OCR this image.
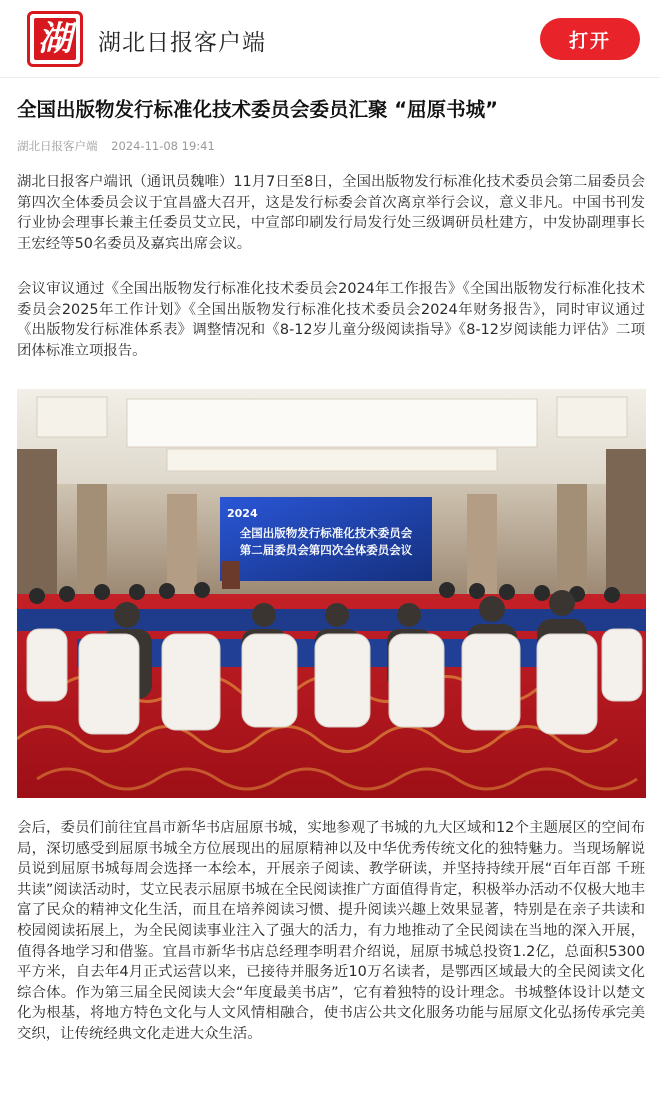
湖 湖北日报客户端	打开
全国出版物发行标准化技术委员会委员汇聚 “屈原书城”
湖北日报客户端 2024-11-08 19:41

湖北日报客户端讯（通讯员魏唯）11月7日至8日，全国出版物发行标准化技术委员会第二届委员会第四次全体委员会议于宜昌盛大召开，这是发行标委会首次离京举行会议，意义非凡。中国书刊发行业协会理事长兼主任委员艾立民，中宣部印刷发行局发行处三级调研员杜建方，中发协副理事长王宏经等50名委员及嘉宾出席会议。

会议审议通过《全国出版物发行标准化技术委员会2024年工作报告》《全国出版物发行标准化技术委员会2025年工作计划》《全国出版物发行标准化技术委员会2024年财务报告》，同时审议通过《出版物发行标准体系表》调整情况和《8-12岁儿童分级阅读指导》《8-12岁阅读能力评估》二项团体标准立项报告。

2024
全国出版物发行标准化技术委员会
第二届委员会第四次全体委员会议

会后，委员们前往宜昌市新华书店屈原书城，实地参观了书城的九大区域和12个主题展区的空间布局，深切感受到屈原书城全方位展现出的屈原精神以及中华优秀传统文化的独特魅力。当现场解说员说到屈原书城每周会选择一本绘本，开展亲子阅读、教学研读，并坚持持续开展“百年百部 千班共读”阅读活动时，艾立民表示屈原书城在全民阅读推广方面值得肯定，积极举办活动不仅极大地丰富了民众的精神文化生活，而且在培养阅读习惯、提升阅读兴趣上效果显著，特别是在亲子共读和校园阅读拓展上，为全民阅读事业注入了强大的活力，有力地推动了全民阅读在当地的深入开展，值得各地学习和借鉴。宜昌市新华书店总经理李明君介绍说，屈原书城总投资1.2亿，总面积5300平方米，自去年4月正式运营以来，已接待并服务近10万名读者，是鄂西区域最大的全民阅读文化综合体。作为第三届全民阅读大会“年度最美书店”，它有着独特的设计理念。书城整体设计以楚文化为根基，将地方特色文化与人文风情相融合，使书店公共文化服务功能与屈原文化弘扬传承完美交织，让传统经典文化走进大众生活。
